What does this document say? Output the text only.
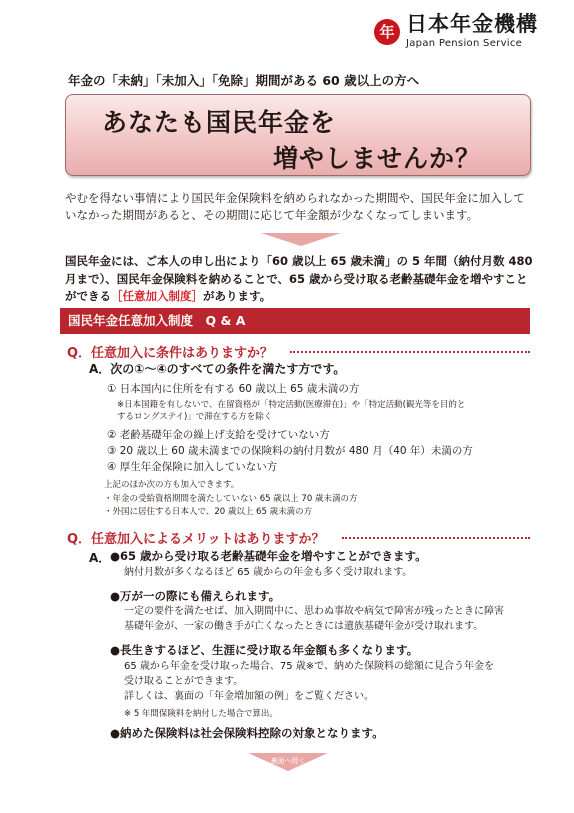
年 日本年金機構
Japan Pension Service
年金の「未納」「未加入」「免除」期間がある 60 歳以上の方へ
あなたも国民年金を
増やしませんか？
やむを得ない事情により国民年金保険料を納められなかった期間や、国民年金に加入していなかった期間があると、その期間に応じて年金額が少なくなってしまいます。
国民年金には、ご本人の申し出により「60 歳以上 65 歳未満」の 5 年間（納付月数 480 月まで）、国民年金保険料を納めることで、65 歳から受け取る老齢基礎年金を増やすことができる［任意加入制度］があります。
国民年金任意加入制度　Q & A
Q．任意加入に条件はありますか？
A．次の①～④のすべての条件を満たす方です。
① 日本国内に住所を有する 60 歳以上 65 歳未満の方
※日本国籍を有しないで、在留資格が「特定活動(医療滞在)」や「特定活動(観光等を目的と
するロングステイ)」で滞在する方を除く
② 老齢基礎年金の繰上げ支給を受けていない方
③ 20 歳以上 60 歳未満までの保険料の納付月数が 480 月（40 年）未満の方
④ 厚生年金保険に加入していない方
上記のほか次の方も加入できます。
・年金の受給資格期間を満たしていない 65 歳以上 70 歳未満の方
・外国に居住する日本人で、20 歳以上 65 歳未満の方
Q．任意加入によるメリットはありますか？
A． ●65 歳から受け取る老齢基礎年金を増やすことができます。
納付月数が多くなるほど 65 歳からの年金も多く受け取れます。
●万が一の際にも備えられます。
一定の要件を満たせば、加入期間中に、思わぬ事故や病気で障害が残ったときに障害
基礎年金が、一家の働き手が亡くなったときには遺族基礎年金が受け取れます。
●長生きするほど、生涯に受け取る年金額も多くなります。
65 歳から年金を受け取った場合、75 歳※で、納めた保険料の総額に見合う年金を
受け取ることができます。
詳しくは、裏面の「年金増加額の例」をご覧ください。
※ 5 年間保険料を納付した場合で算出。
●納めた保険料は社会保険料控除の対象となります。
裏面へ続く
